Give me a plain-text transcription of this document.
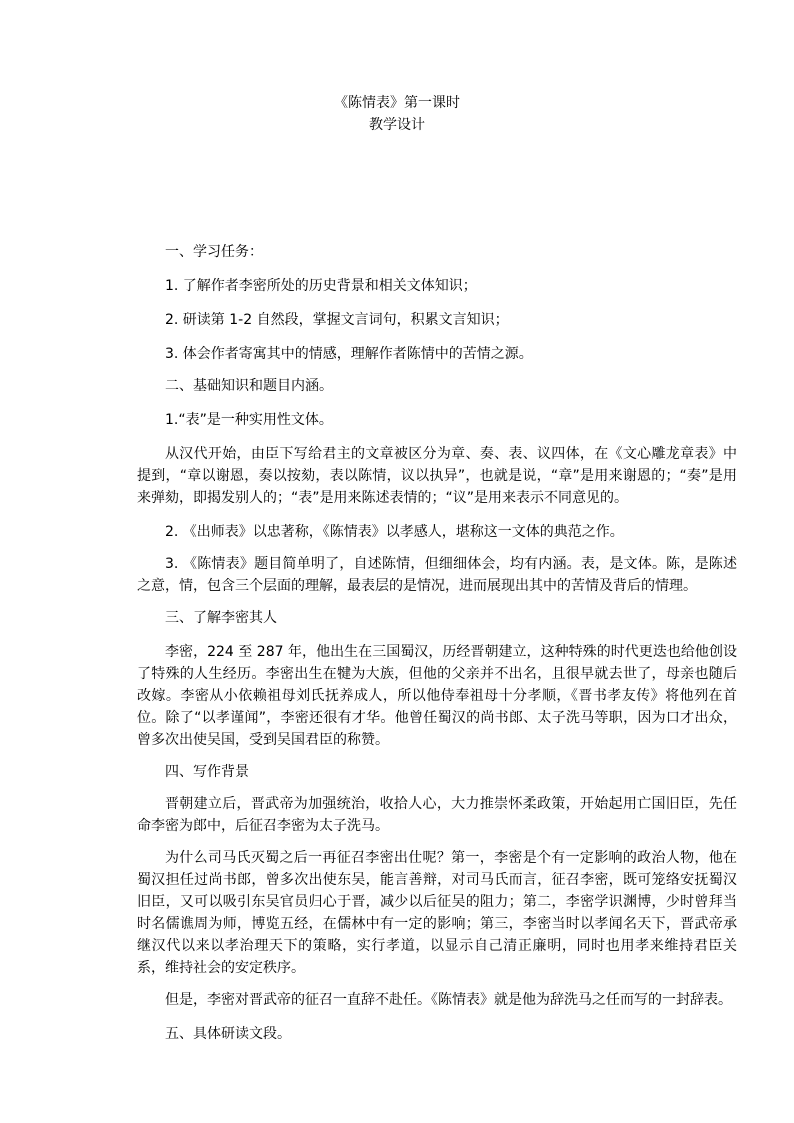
《陈情表》第一课时
教学设计

一、学习任务：

1. 了解作者李密所处的历史背景和相关文体知识；

2. 研读第 1-2 自然段，掌握文言词句，积累文言知识；

3. 体会作者寄寓其中的情感，理解作者陈情中的苦情之源。

二、基础知识和题目内涵。

1.“表”是一种实用性文体。

从汉代开始，由臣下写给君主的文章被区分为章、奏、表、议四体，在《文心雕龙章表》中提到，“章以谢恩，奏以按劾，表以陈情，议以执异”，也就是说，“章”是用来谢恩的；“奏”是用来弹劾，即揭发别人的；“表”是用来陈述表情的；“议”是用来表示不同意见的。

2. 《出师表》以忠著称，《陈情表》以孝感人，堪称这一文体的典范之作。

3. 《陈情表》题目简单明了，自述陈情，但细细体会，均有内涵。表，是文体。陈，是陈述之意，情，包含三个层面的理解，最表层的是情况，进而展现出其中的苦情及背后的情理。

三、了解李密其人

李密，224 至 287 年，他出生在三国蜀汉，历经晋朝建立，这种特殊的时代更迭也给他创设了特殊的人生经历。李密出生在犍为大族，但他的父亲并不出名，且很早就去世了，母亲也随后改嫁。李密从小依赖祖母刘氏抚养成人，所以他侍奉祖母十分孝顺，《晋书孝友传》将他列在首位。除了“以孝谨闻”，李密还很有才华。他曾任蜀汉的尚书郎、太子洗马等职，因为口才出众，曾多次出使吴国，受到吴国君臣的称赞。

四、写作背景

晋朝建立后，晋武帝为加强统治，收拾人心，大力推崇怀柔政策，开始起用亡国旧臣，先任命李密为郎中，后征召李密为太子洗马。

为什么司马氏灭蜀之后一再征召李密出仕呢？第一，李密是个有一定影响的政治人物，他在蜀汉担任过尚书郎，曾多次出使东吴，能言善辩，对司马氏而言，征召李密，既可笼络安抚蜀汉旧臣，又可以吸引东吴官员归心于晋，减少以后征吴的阻力；第二，李密学识渊博，少时曾拜当时名儒谯周为师，博览五经，在儒林中有一定的影响；第三，李密当时以孝闻名天下，晋武帝承继汉代以来以孝治理天下的策略，实行孝道，以显示自己清正廉明，同时也用孝来维持君臣关系，维持社会的安定秩序。

但是，李密对晋武帝的征召一直辞不赴任。《陈情表》就是他为辞洗马之任而写的一封辞表。

五、具体研读文段。
